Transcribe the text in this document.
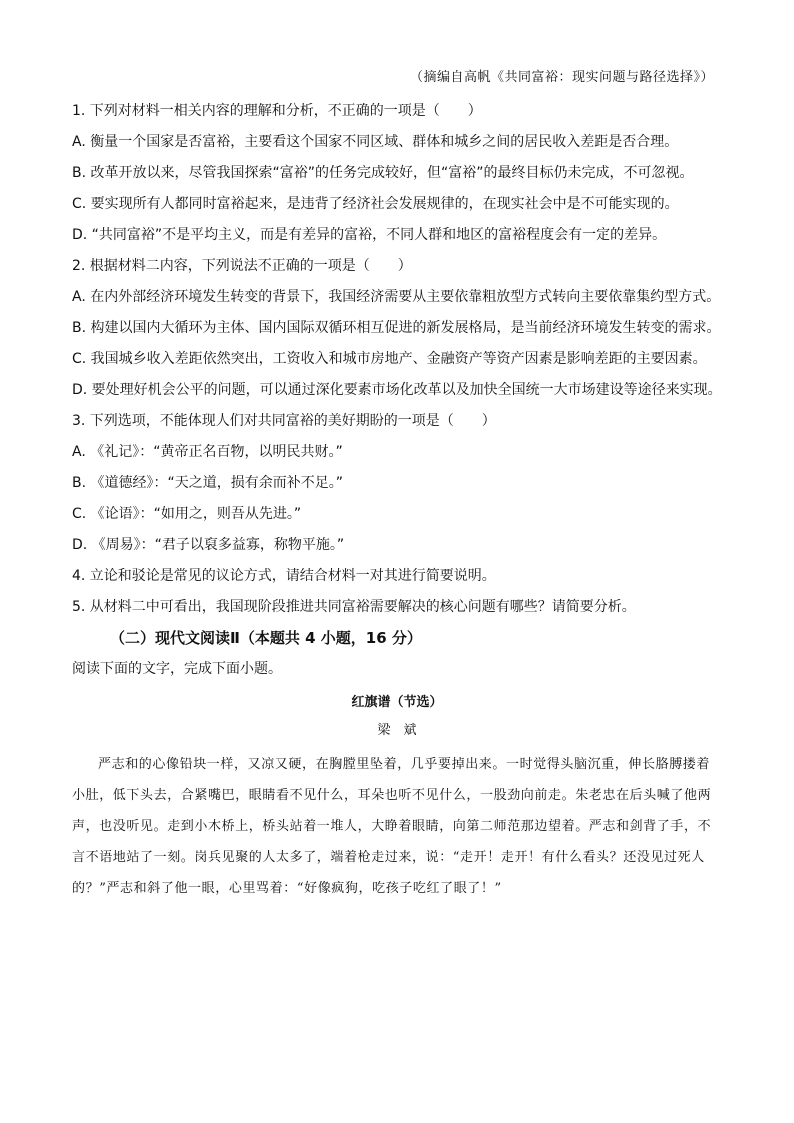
（摘编自高帆《共同富裕：现实问题与路径选择》）

1. 下列对材料一相关内容的理解和分析，不正确的一项是（　　）

A. 衡量一个国家是否富裕，主要看这个国家不同区域、群体和城乡之间的居民收入差距是否合理。

B. 改革开放以来，尽管我国探索“富裕”的任务完成较好，但“富裕”的最终目标仍未完成，不可忽视。

C. 要实现所有人都同时富裕起来，是违背了经济社会发展规律的，在现实社会中是不可能实现的。

D. “共同富裕”不是平均主义，而是有差异的富裕，不同人群和地区的富裕程度会有一定的差异。

2. 根据材料二内容，下列说法不正确的一项是（　　）

A. 在内外部经济环境发生转变的背景下，我国经济需要从主要依靠粗放型方式转向主要依靠集约型方式。

B. 构建以国内大循环为主体、国内国际双循环相互促进的新发展格局，是当前经济环境发生转变的需求。

C. 我国城乡收入差距依然突出，工资收入和城市房地产、金融资产等资产因素是影响差距的主要因素。

D. 要处理好机会公平的问题，可以通过深化要素市场化改革以及加快全国统一大市场建设等途径来实现。

3. 下列选项，不能体现人们对共同富裕的美好期盼的一项是（　　）

A. 《礼记》：“黄帝正名百物，以明民共财。”

B. 《道德经》：“天之道，损有余而补不足。”

C. 《论语》：“如用之，则吾从先进。”

D. 《周易》：“君子以裒多益寡，称物平施。”

4. 立论和驳论是常见的议论方式，请结合材料一对其进行简要说明。

5. 从材料二中可看出，我国现阶段推进共同富裕需要解决的核心问题有哪些？请简要分析。

（二）现代文阅读Ⅱ（本题共 4 小题，16 分）

阅读下面的文字，完成下面小题。

红旗谱（节选）

梁　斌

严志和的心像铅块一样，又凉又硬，在胸膛里坠着，几乎要掉出来。一时觉得头脑沉重，伸长胳膊搂着小肚，低下头去，合紧嘴巴，眼睛看不见什么，耳朵也听不见什么，一股劲向前走。朱老忠在后头喊了他两声，也没听见。走到小木桥上，桥头站着一堆人，大睁着眼睛，向第二师范那边望着。严志和剑背了手，不言不语地站了一刻。岗兵见聚的人太多了，端着枪走过来，说：“走开！走开！有什么看头？还没见过死人的？”严志和斜了他一眼，心里骂着：“好像疯狗，吃孩子吃红了眼了！”
